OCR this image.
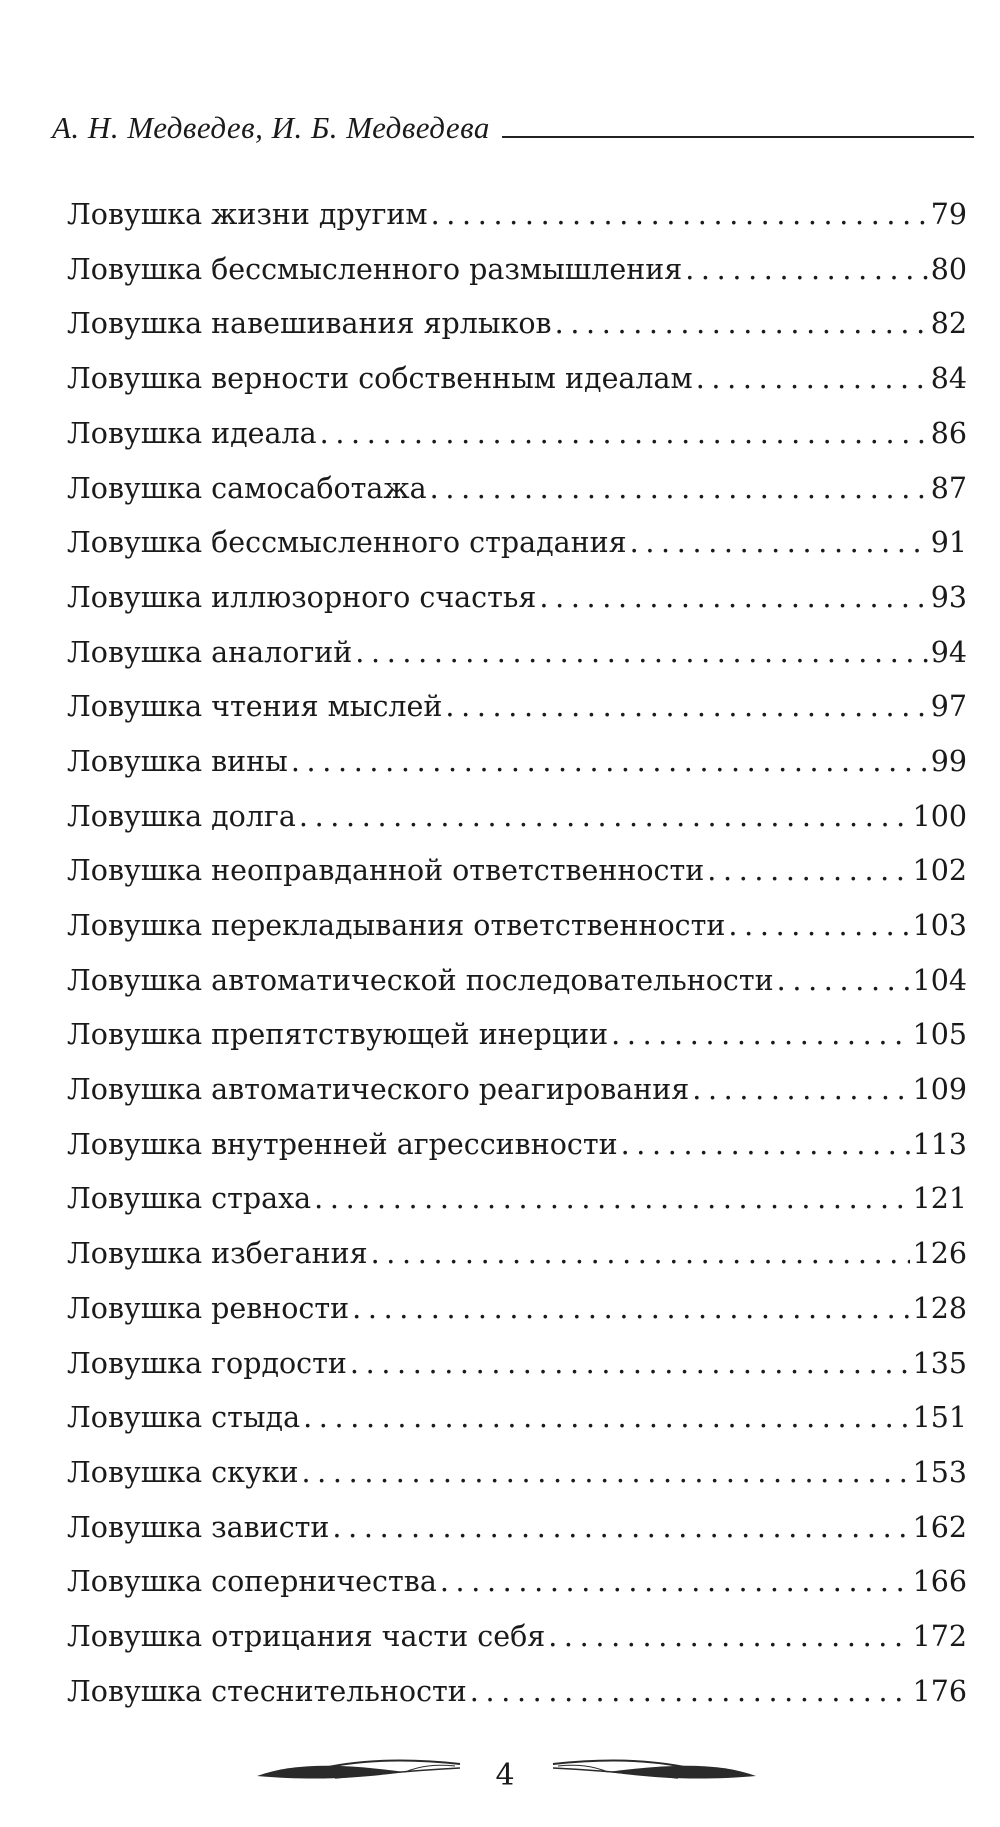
А. Н. Медведев, И. Б. Медведева
Ловушка жизни другим . . .	79
Ловушка бессмысленного размышления . . .	80
Ловушка навешивания ярлыков . . .	82
Ловушка верности собственным идеалам . . .	84
Ловушка идеала . . .	86
Ловушка самосаботажа . . .	87
Ловушка бессмысленного страдания . . .	91
Ловушка иллюзорного счастья . . .	93
Ловушка аналогий . . .	94
Ловушка чтения мыслей . . .	97
Ловушка вины . . .	99
Ловушка долга . . .	100
Ловушка неоправданной ответственности . . .	102
Ловушка перекладывания ответственности . . .	103
Ловушка автоматической последовательности . . .	104
Ловушка препятствующей инерции . . .	105
Ловушка автоматического реагирования . . .	109
Ловушка внутренней агрессивности . . .	113
Ловушка страха . . .	121
Ловушка избегания . . .	126
Ловушка ревности . . .	128
Ловушка гордости . . .	135
Ловушка стыда . . .	151
Ловушка скуки . . .	153
Ловушка зависти . . .	162
Ловушка соперничества . . .	166
Ловушка отрицания части себя . . .	172
Ловушка стеснительности . . .	176
4
